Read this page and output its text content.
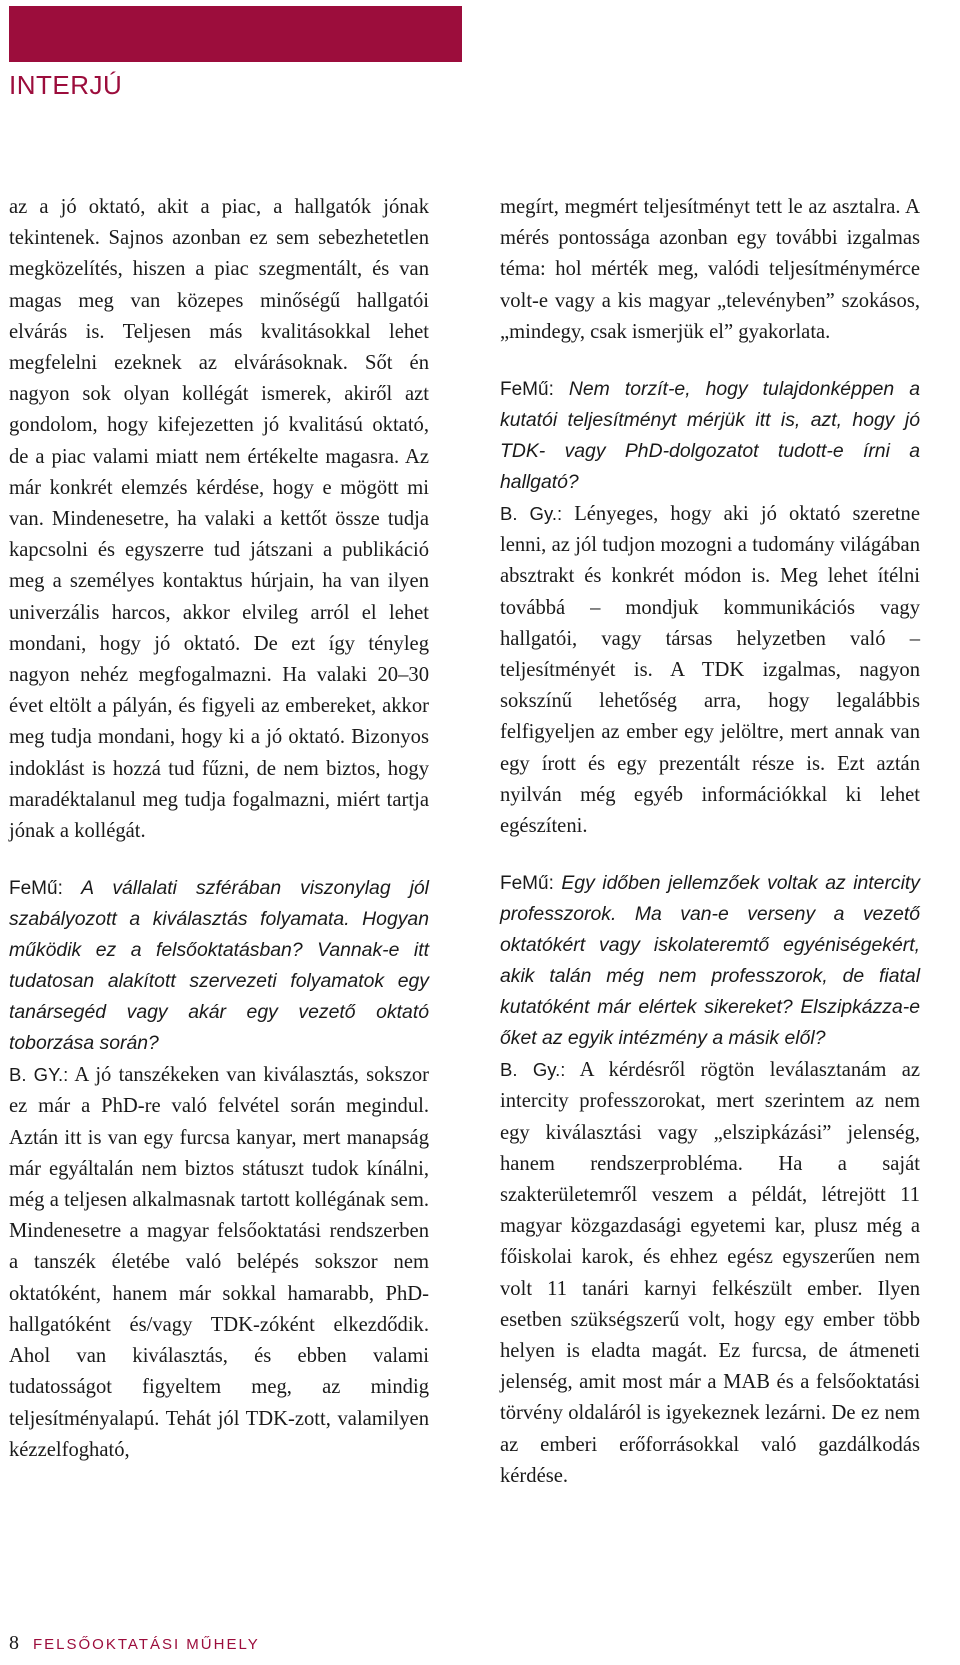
INTERJÚ

az a jó oktató, akit a piac, a hallgatók jónak tekintenek. Sajnos azonban ez sem sebezhetetlen megközelítés, hiszen a piac szegmentált, és van magas meg van közepes minőségű hallgatói elvárás is. Teljesen más kvalitásokkal lehet megfelelni ezeknek az elvárásoknak. Sőt én nagyon sok olyan kollégát ismerek, akiről azt gondolom, hogy kifejezetten jó kvalitású oktató, de a piac valami miatt nem értékelte magasra. Az már konkrét elemzés kérdése, hogy e mögött mi van. Mindenesetre, ha valaki a kettőt össze tudja kapcsolni és egyszerre tud játszani a publikáció meg a személyes kontaktus húrjain, ha van ilyen univerzális harcos, akkor elvileg arról el lehet mondani, hogy jó oktató. De ezt így tényleg nagyon nehéz megfogalmazni. Ha valaki 20–30 évet eltölt a pályán, és figyeli az embereket, akkor meg tudja mondani, hogy ki a jó oktató. Bizonyos indoklást is hozzá tud fűzni, de nem biztos, hogy maradéktalanul meg tudja fogalmazni, miért tartja jónak a kollégát.

FeMű: A vállalati szférában viszonylag jól szabályozott a kiválasztás folyamata. Hogyan működik ez a felsőoktatásban? Vannak-e itt tudatosan alakított szervezeti folyamatok egy tanársegéd vagy akár egy vezető oktató toborzása során?

B. GY.: A jó tanszékeken van kiválasztás, sokszor ez már a PhD-re való felvétel során megindul. Aztán itt is van egy furcsa kanyar, mert manapság már egyáltalán nem biztos státuszt tudok kínálni, még a teljesen alkalmasnak tartott kollégának sem. Mindenesetre a magyar felsőoktatási rendszerben a tanszék életébe való belépés sokszor nem oktatóként, hanem már sokkal hamarabb, PhD-hallgatóként és/vagy TDK-zóként elkezdődik. Ahol van kiválasztás, és ebben valami tudatosságot figyeltem meg, az mindig teljesítményalapú. Tehát jól TDK-zott, valamilyen kézzelfogható,

megírt, megmért teljesítményt tett le az asztalra. A mérés pontossága azonban egy további izgalmas téma: hol mérték meg, valódi teljesítménymérce volt-e vagy a kis magyar „televényben” szokásos, „mindegy, csak ismerjük el” gyakorlata.

FeMű: Nem torzít-e, hogy tulajdonképpen a kutatói teljesítményt mérjük itt is, azt, hogy jó TDK- vagy PhD-dolgozatot tudott-e írni a hallgató?

B. Gy.: Lényeges, hogy aki jó oktató szeretne lenni, az jól tudjon mozogni a tudomány világában absztrakt és konkrét módon is. Meg lehet ítélni továbbá – mondjuk kommunikációs vagy hallgatói, vagy társas helyzetben való – teljesítményét is. A TDK izgalmas, nagyon sokszínű lehetőség arra, hogy legalábbis felfigyeljen az ember egy jelöltre, mert annak van egy írott és egy prezentált része is. Ezt aztán nyilván még egyéb információkkal ki lehet egészíteni.

FeMű: Egy időben jellemzőek voltak az intercity professzorok. Ma van-e verseny a vezető oktatókért vagy iskolateremtő egyéniségekért, akik talán még nem professzorok, de fiatal kutatóként már elértek sikereket? Elszipkázza-e őket az egyik intézmény a másik elől?

B. Gy.: A kérdésről rögtön leválasztanám az intercity professzorokat, mert szerintem az nem egy kiválasztási vagy „elszipkázási” jelenség, hanem rendszerprobléma. Ha a saját szakterületemről veszem a példát, létrejött 11 magyar közgazdasági egyetemi kar, plusz még a főiskolai karok, és ehhez egész egyszerűen nem volt 11 tanári karnyi felkészült ember. Ilyen esetben szükségszerű volt, hogy egy ember több helyen is eladta magát. Ez furcsa, de átmeneti jelenség, amit most már a MAB és a felsőoktatási törvény oldaláról is igyekeznek lezárni. De ez nem az emberi erőforrásokkal való gazdálkodás kérdése.

8 FELSŐOKTATÁSI MŰHELY
